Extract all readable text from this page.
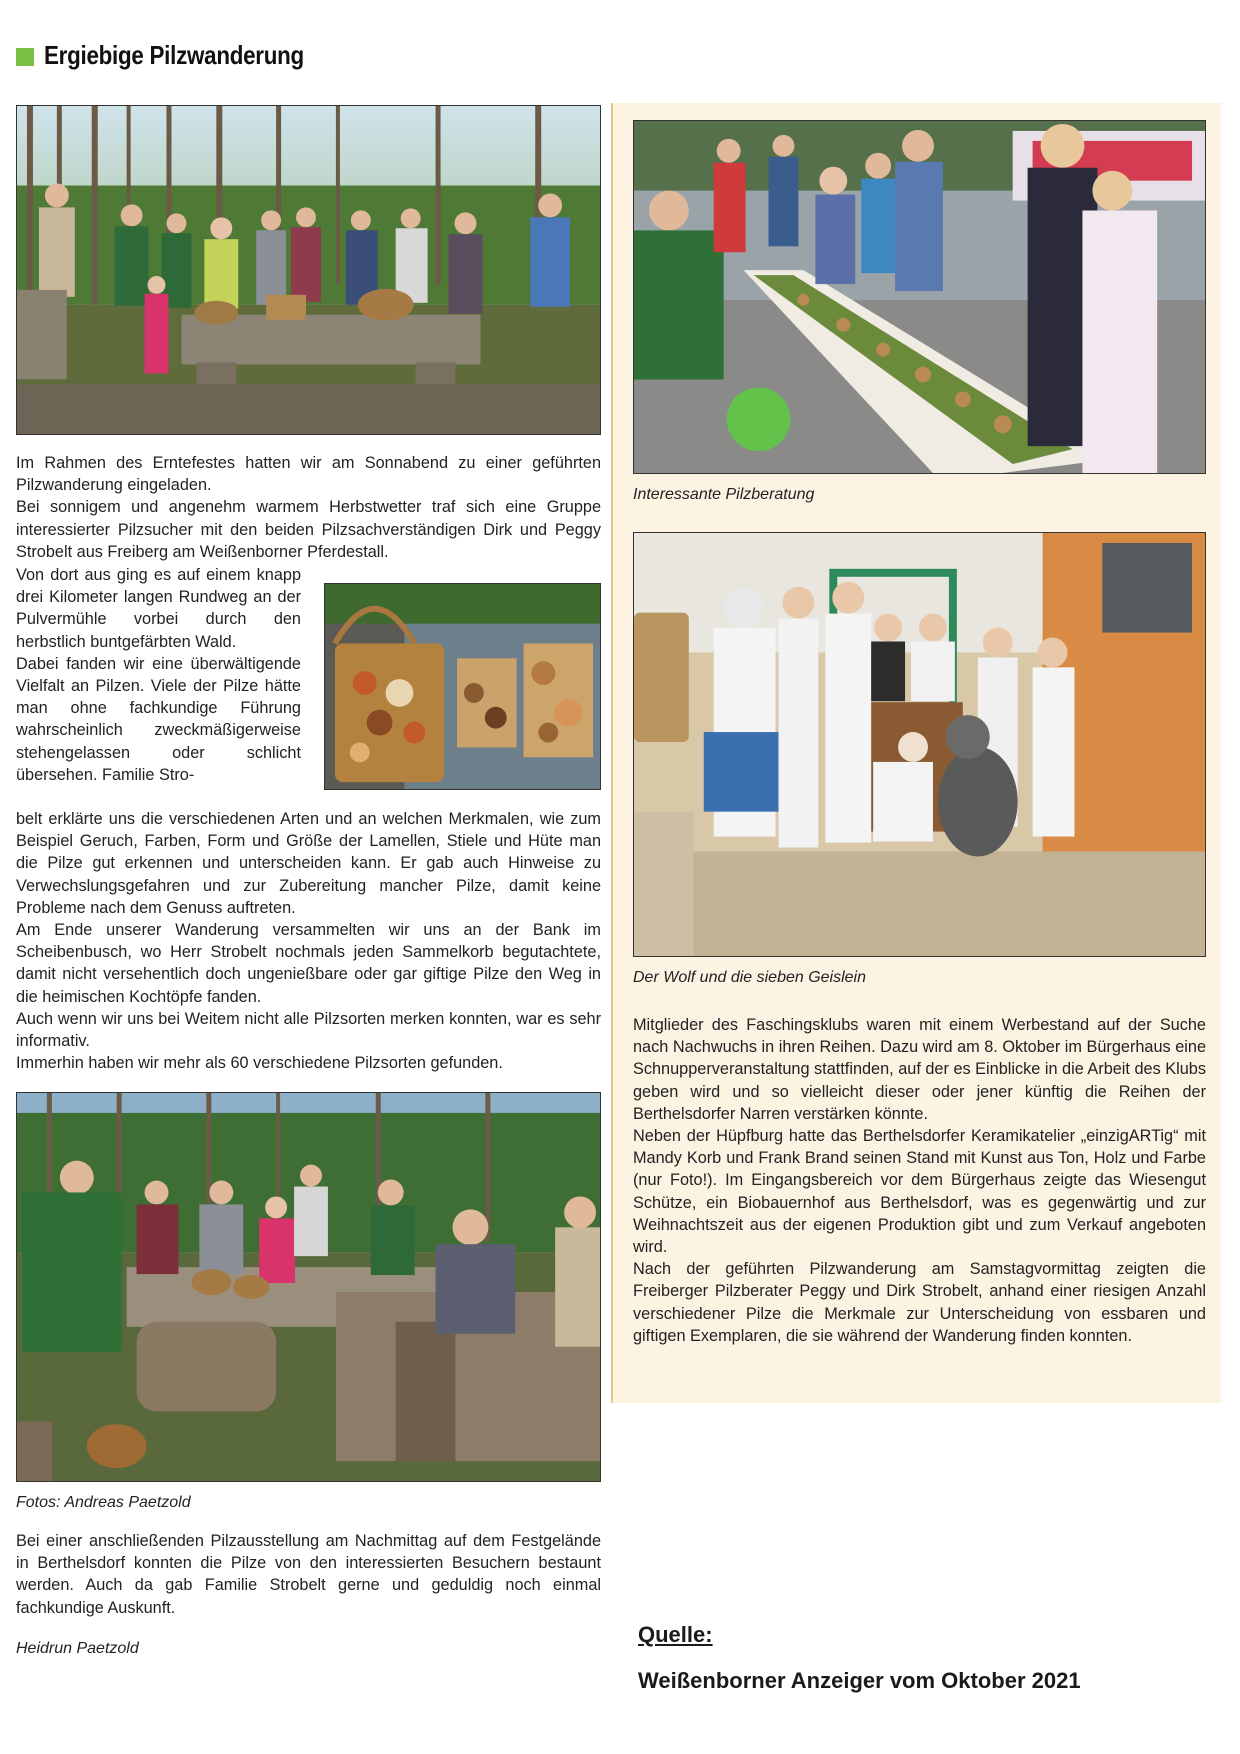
Ergiebige Pilzwanderung

Im Rahmen des Erntefestes hatten wir am Sonnabend zu einer geführten Pilzwanderung eingeladen.

Bei sonnigem und angenehm warmem Herbstwetter traf sich eine Gruppe interessierter Pilzsucher mit den beiden Pilzsachverständigen Dirk und Peggy Strobelt aus Freiberg am Weißenborner Pferdestall.

Von dort aus ging es auf einem knapp drei Kilometer langen Rundweg an der Pulvermühle vorbei durch den herbstlich buntgefärbten Wald.

Dabei fanden wir eine überwältigende Vielfalt an Pilzen. Viele der Pilze hätte man ohne fachkundige Führung wahrscheinlich zweckmäßigerweise stehengelassen oder schlicht übersehen. Familie Stro-

belt erklärte uns die verschiedenen Arten und an welchen Merkmalen, wie zum Beispiel Geruch, Farben, Form und Größe der Lamellen, Stiele und Hüte man die Pilze gut erkennen und unterscheiden kann. Er gab auch Hinweise zu Verwechslungsgefahren und zur Zubereitung mancher Pilze, damit keine Probleme nach dem Genuss auftreten.

Am Ende unserer Wanderung versammelten wir uns an der Bank im Scheibenbusch, wo Herr Strobelt nochmals jeden Sammelkorb begutachtete, damit nicht versehentlich doch ungenießbare oder gar giftige Pilze den Weg in die heimischen Kochtöpfe fanden.

Auch wenn wir uns bei Weitem nicht alle Pilzsorten merken konnten, war es sehr informativ.

Immerhin haben wir mehr als 60 verschiedene Pilzsorten gefunden.

Fotos: Andreas Paetzold

Bei einer anschließenden Pilzausstellung am Nachmittag auf dem Festgelände in Berthelsdorf konnten die Pilze von den interessierten Besuchern bestaunt werden. Auch da gab Familie Strobelt gerne und geduldig noch einmal fachkundige Auskunft.

Heidrun Paetzold
Interessante Pilzberatung
Der Wolf und die sieben Geislein

Mitglieder des Faschingsklubs waren mit einem Werbestand auf der Suche nach Nachwuchs in ihren Reihen. Dazu wird am 8. Oktober im Bürgerhaus eine Schnupperveranstaltung stattfinden, auf der es Einblicke in die Arbeit des Klubs geben wird und so vielleicht dieser oder jener künftig die Reihen der Berthelsdorfer Narren verstärken könnte.

Neben der Hüpfburg hatte das Berthelsdorfer Keramikatelier „einzigARTig“ mit Mandy Korb und Frank Brand seinen Stand mit Kunst aus Ton, Holz und Farbe (nur Foto!). Im Eingangsbereich vor dem Bürgerhaus zeigte das Wiesengut Schütze, ein Biobauernhof aus Berthelsdorf, was es gegenwärtig und zur Weihnachtszeit aus der eigenen Produktion gibt und zum Verkauf angeboten wird.

Nach der geführten Pilzwanderung am Samstagvormittag zeigten die Freiberger Pilzberater Peggy und Dirk Strobelt, anhand einer riesigen Anzahl verschiedener Pilze die Merkmale zur Unterscheidung von essbaren und giftigen Exemplaren, die sie während der Wanderung finden konnten.

Quelle:
Weißenborner Anzeiger vom Oktober 2021
